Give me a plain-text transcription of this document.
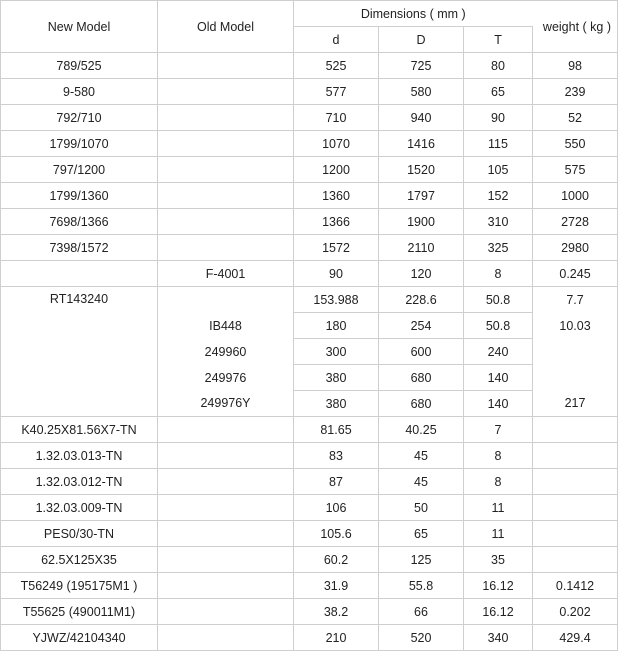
New Model	Old Model	Dimensions ( mm )			weight ( kg )
		d	D	T	
789/525		525	725	80	98
9-580		577	580	65	239
792/710		710	940	90	52
1799/1070		1070	1416	115	550
797/1200		1200	1520	105	575
1799/1360		1360	1797	152	1000
7698/1366		1366	1900	310	2728
7398/1572		1572	2110	325	2980
	F-4001	90	120	8	0.245
RT143240		153.988	228.6	50.8	7.7
	IB448	180	254	50.8	10.03
	249960	300	600	240	
	249976	380	680	140	
	249976Y	380	680	140	217
K40.25X81.56X7-TN		81.65	40.25	7	
1.32.03.013-TN		83	45	8	
1.32.03.012-TN		87	45	8	
1.32.03.009-TN		106	50	11	
PES0/30-TN		105.6	65	11	
62.5X125X35		60.2	125	35	
T56249 (195175M1 )		31.9	55.8	16.12	0.1412
T55625 (490011M1)		38.2	66	16.12	0.202
YJWZ/42104340		210	520	340	429.4
